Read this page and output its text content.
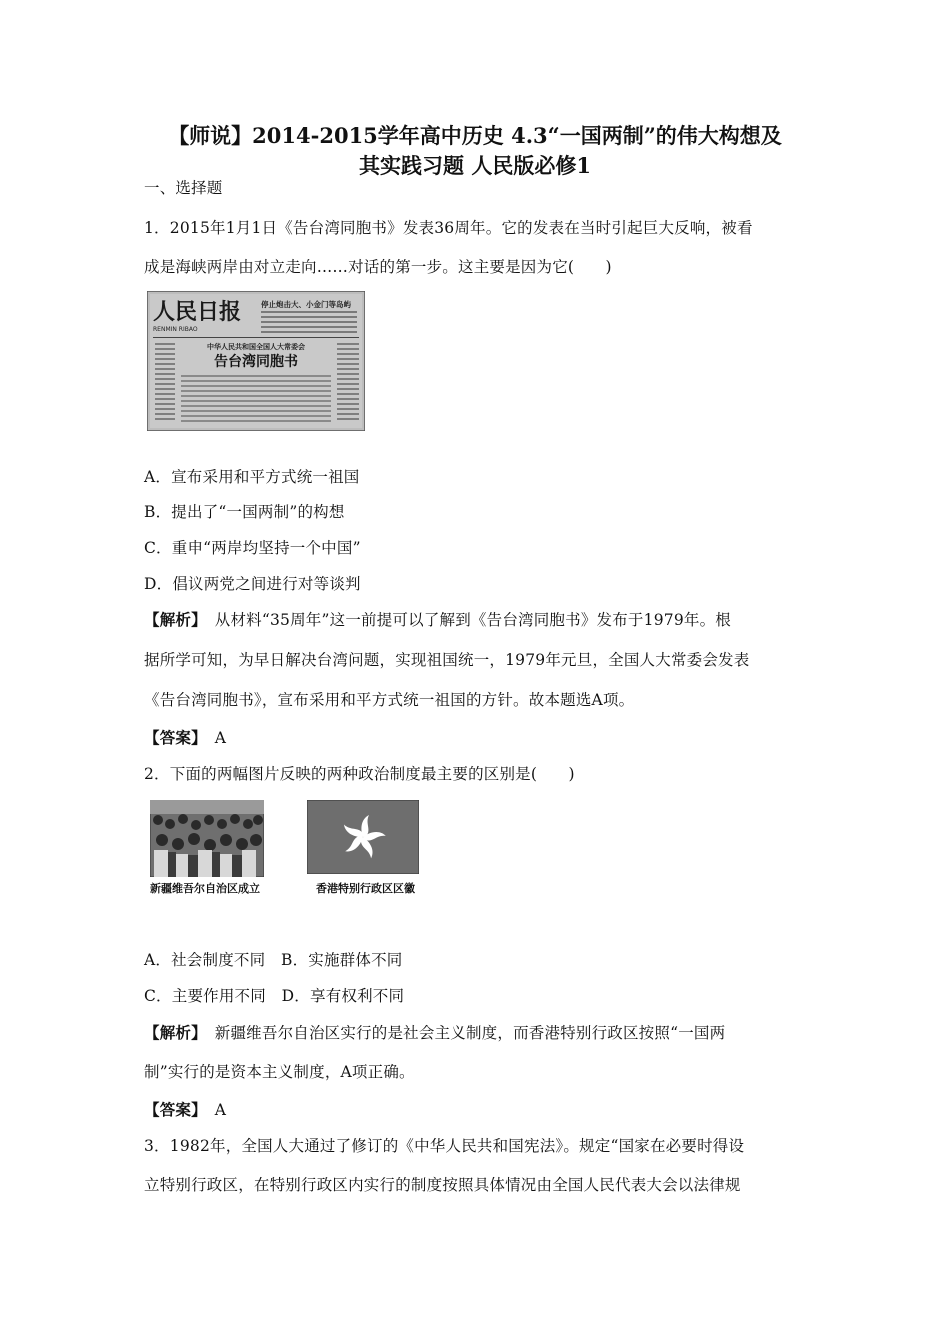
【师说】2014-2015学年高中历史 4.3“一国两制”的伟大构想及
其实践习题 人民版必修1
一、选择题
1．2015年1月1日《告台湾同胞书》发表36周年。它的发表在当时引起巨大反响，被看
成是海峡两岸由对立走向……对话的第一步。这主要是因为它(　　)
人民日报
RENMIN RIBAO
停止炮击大、小金门等岛屿
中华人民共和国全国人大常委会
告台湾同胞书
A．宣布采用和平方式统一祖国
B．提出了“一国两制”的构想
C．重申“两岸均坚持一个中国”
D．倡议两党之间进行对等谈判
【解析】　从材料“35周年”这一前提可以了解到《告台湾同胞书》发布于1979年。根
据所学可知，为早日解决台湾问题，实现祖国统一，1979年元旦，全国人大常委会发表
《告台湾同胞书》，宣布采用和平方式统一祖国的方针。故本题选A项。
【答案】　A
2．下面的两幅图片反映的两种政治制度最主要的区别是(　　)
新疆维吾尔自治区成立	香港特别行政区区徽
A．社会制度不同　B．实施群体不同
C．主要作用不同　D．享有权利不同
【解析】　新疆维吾尔自治区实行的是社会主义制度，而香港特别行政区按照“一国两
制”实行的是资本主义制度，A项正确。
【答案】　A
3．1982年，全国人大通过了修订的《中华人民共和国宪法》。规定“国家在必要时得设
立特别行政区，在特别行政区内实行的制度按照具体情况由全国人民代表大会以法律规
